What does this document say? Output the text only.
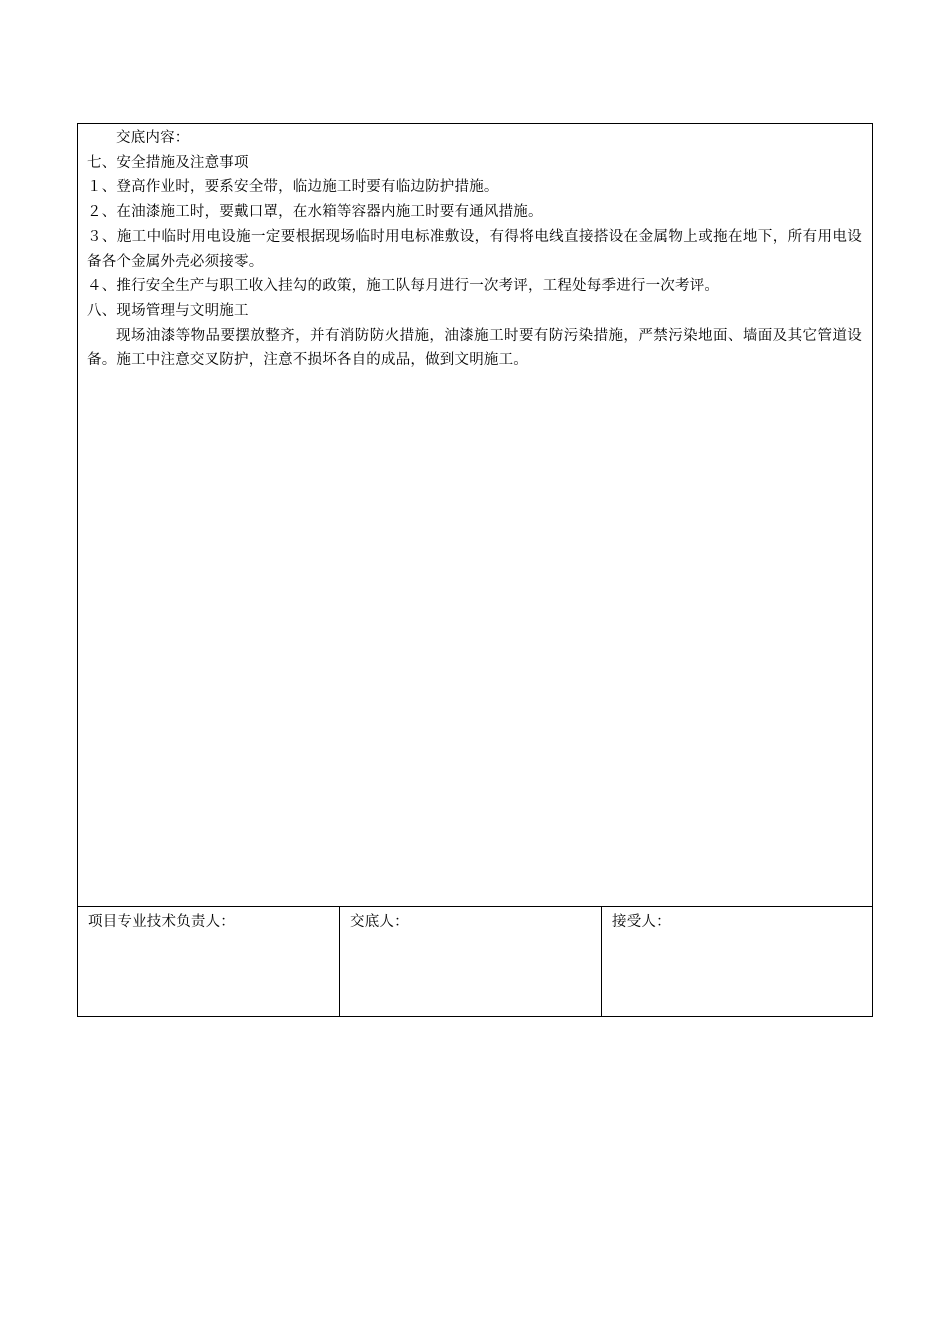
交底内容：
七、安全措施及注意事项
１、登高作业时，要系安全带，临边施工时要有临边防护措施。
２、在油漆施工时，要戴口罩，在水箱等容器内施工时要有通风措施。

３、施工中临时用电设施一定要根据现场临时用电标准敷设，有得将电线直接搭设在金属物上或拖在地下，所有用电设备各个金属外壳必须接零。

４、推行安全生产与职工收入挂勾的政策，施工队每月进行一次考评，工程处每季进行一次考评。
八、现场管理与文明施工

现场油漆等物品要摆放整齐，并有消防防火措施，油漆施工时要有防污染措施，严禁污染地面、墙面及其它管道设备。施工中注意交叉防护，注意不损坏各自的成品，做到文明施工。

项目专业技术负责人：	交底人：	接受人：
